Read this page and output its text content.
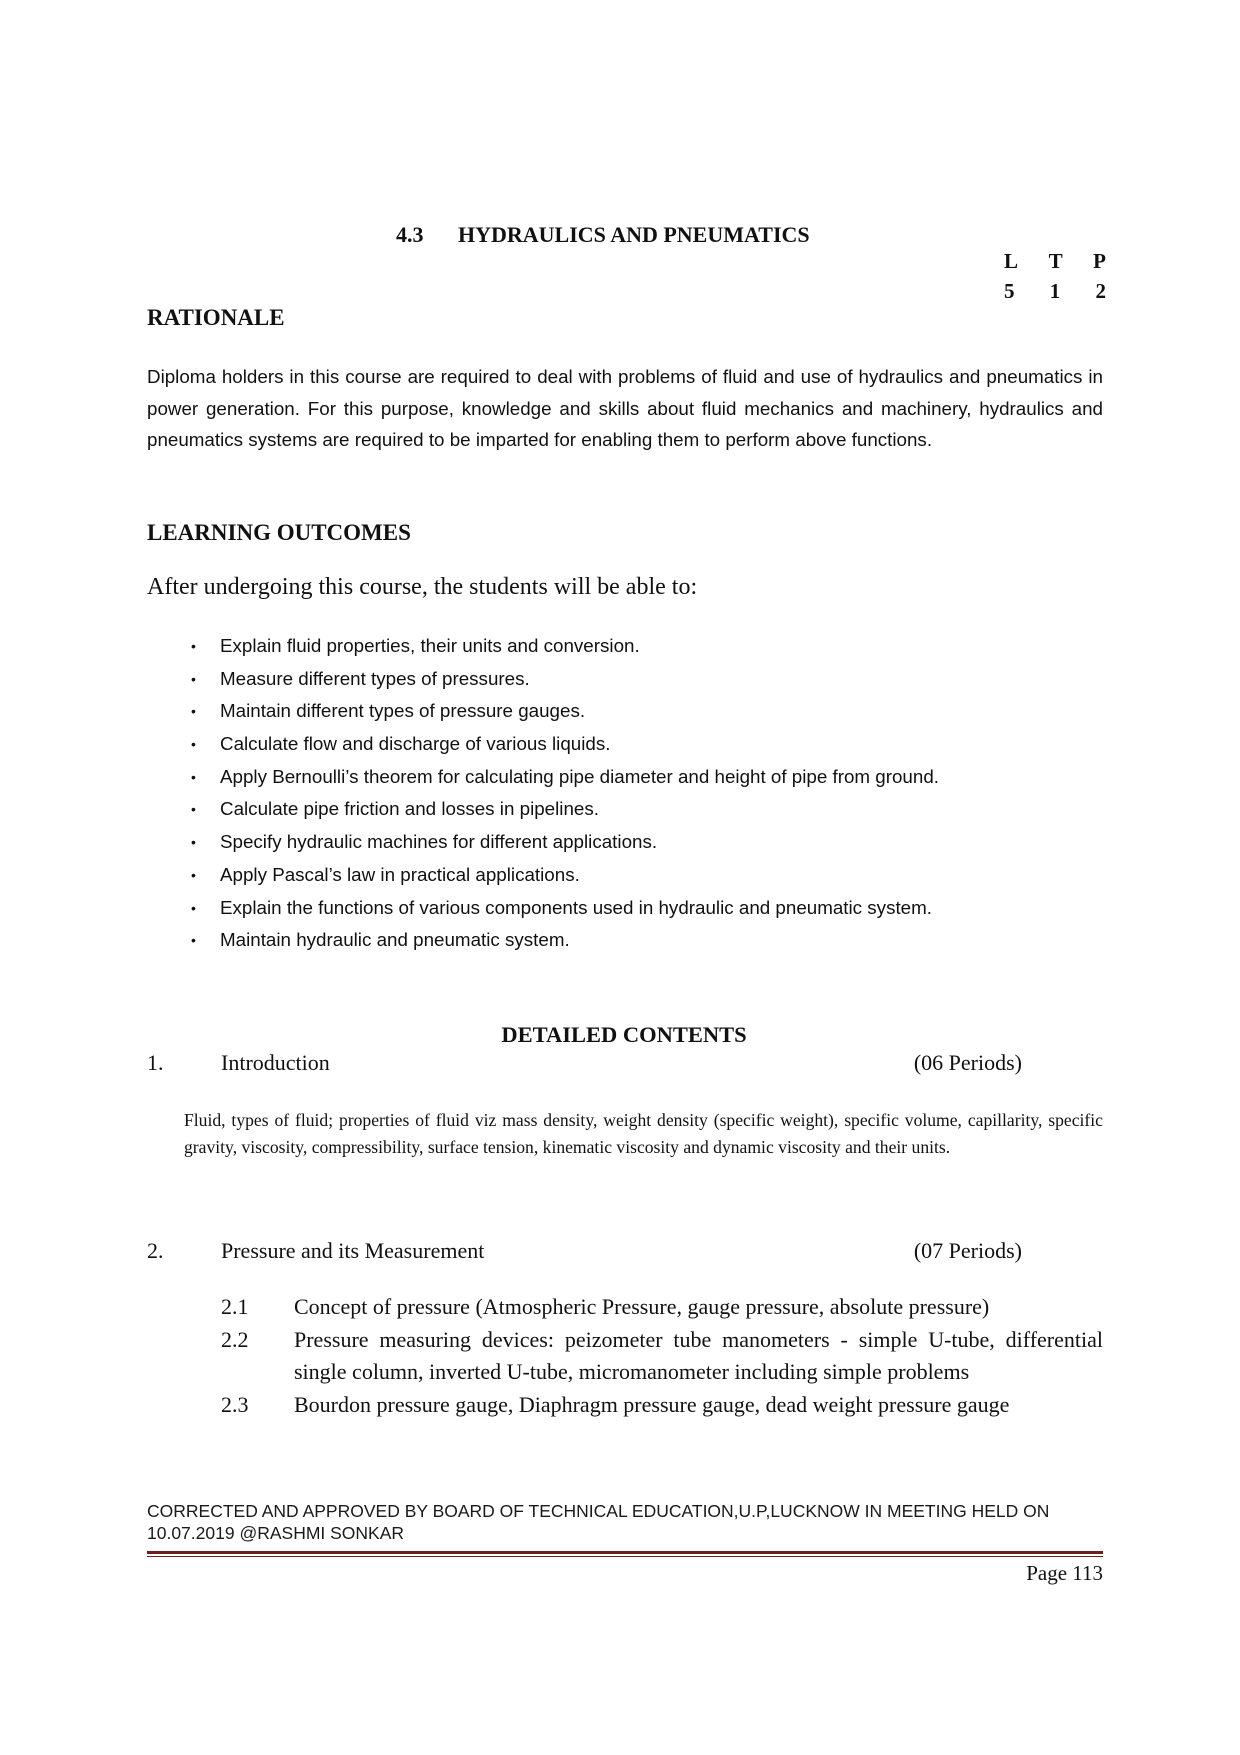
4.3 HYDRAULICS AND PNEUMATICS
L T P
5 1 2
RATIONALE
Diploma holders in this course are required to deal with problems of fluid and use of hydraulics and pneumatics in power generation. For this purpose, knowledge and skills about fluid mechanics and machinery, hydraulics and pneumatics systems are required to be imparted for enabling them to perform above functions.
LEARNING OUTCOMES
After undergoing this course, the students will be able to:
• Explain fluid properties, their units and conversion.
• Measure different types of pressures.
• Maintain different types of pressure gauges.
• Calculate flow and discharge of various liquids.
• Apply Bernoulli’s theorem for calculating pipe diameter and height of pipe from ground.
• Calculate pipe friction and losses in pipelines.
• Specify hydraulic machines for different applications.
• Apply Pascal’s law in practical applications.
• Explain the functions of various components used in hydraulic and pneumatic system.
• Maintain hydraulic and pneumatic system.
DETAILED CONTENTS
1.	Introduction	(06 Periods)
Fluid, types of fluid; properties of fluid viz mass density, weight density (specific weight), specific volume, capillarity, specific gravity, viscosity, compressibility, surface tension, kinematic viscosity and dynamic viscosity and their units.
2.	Pressure and its Measurement	(07 Periods)
2.1 Concept of pressure (Atmospheric Pressure, gauge pressure, absolute pressure)
2.2 Pressure measuring devices: peizometer tube manometers - simple U-tube, differential single column, inverted U-tube, micromanometer including simple problems
2.3 Bourdon pressure gauge, Diaphragm pressure gauge, dead weight pressure gauge
CORRECTED AND APPROVED BY BOARD OF TECHNICAL EDUCATION,U.P,LUCKNOW IN MEETING HELD ON
10.07.2019 @RASHMI SONKAR
Page 113
